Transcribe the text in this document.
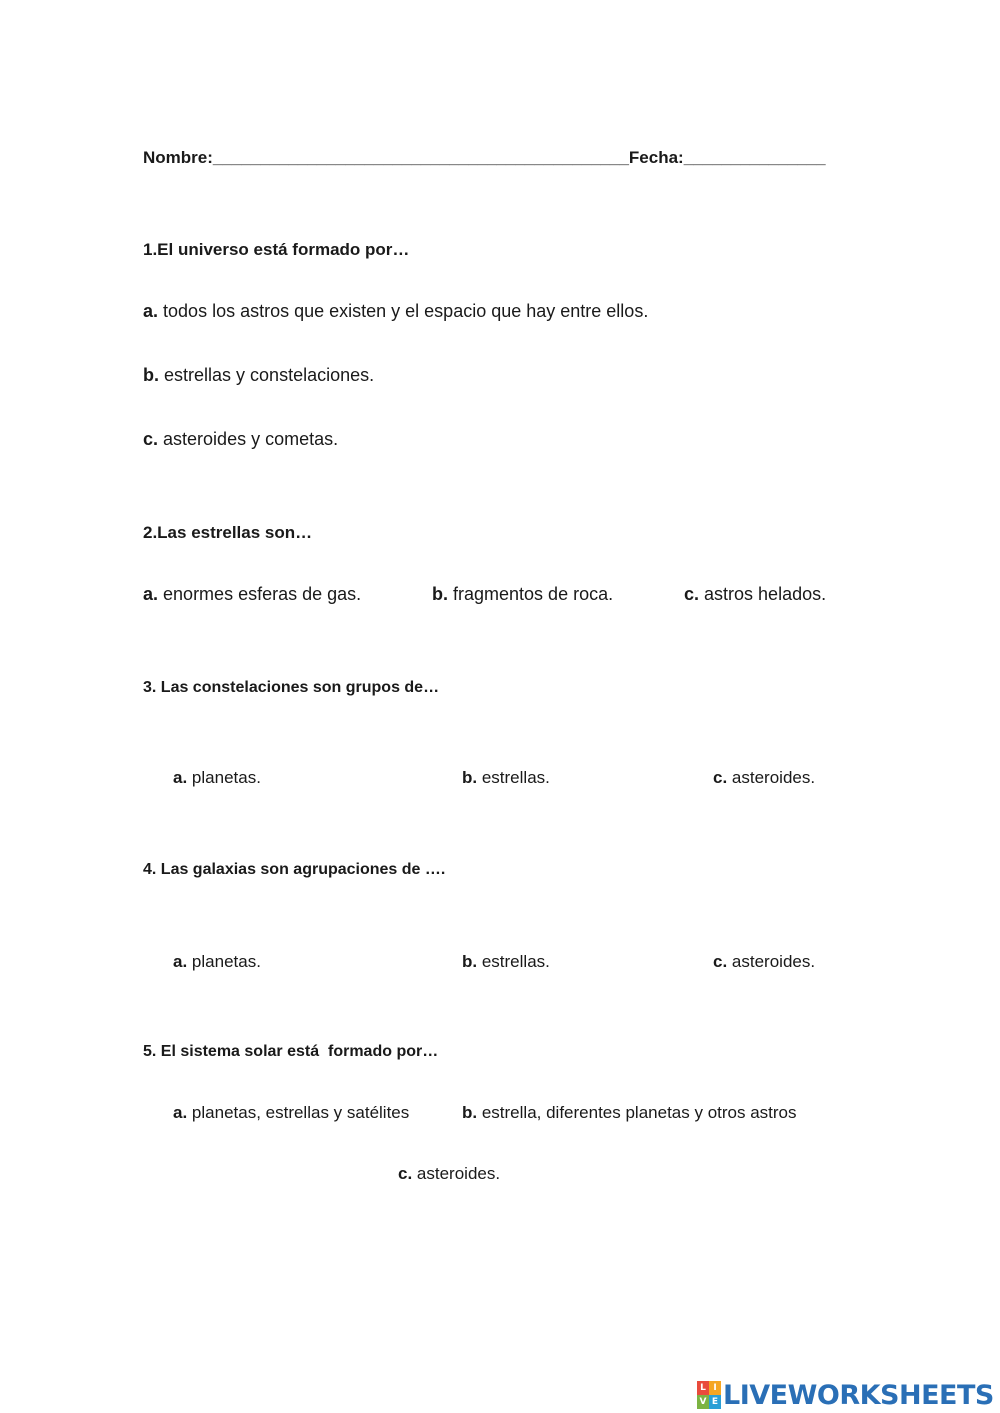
Nombre:____________________________________________Fecha:_______________
1.El universo está formado por…
a. todos los astros que existen y el espacio que hay entre ellos.
b. estrellas y constelaciones.
c. asteroides y cometas.
2.Las estrellas son…
a. enormes esferas de gas.	b. fragmentos de roca.	c. astros helados.
3. Las constelaciones son grupos de…
a. planetas.	b. estrellas.	c. asteroides.
4. Las galaxias son agrupaciones de ….
a. planetas.	b. estrellas.	c. asteroides.
5. El sistema solar está  formado por…
a. planetas, estrellas y satélites	b. estrella, diferentes planetas y otros astros
c. asteroides.
L I
V E LIVEWORKSHEETS
